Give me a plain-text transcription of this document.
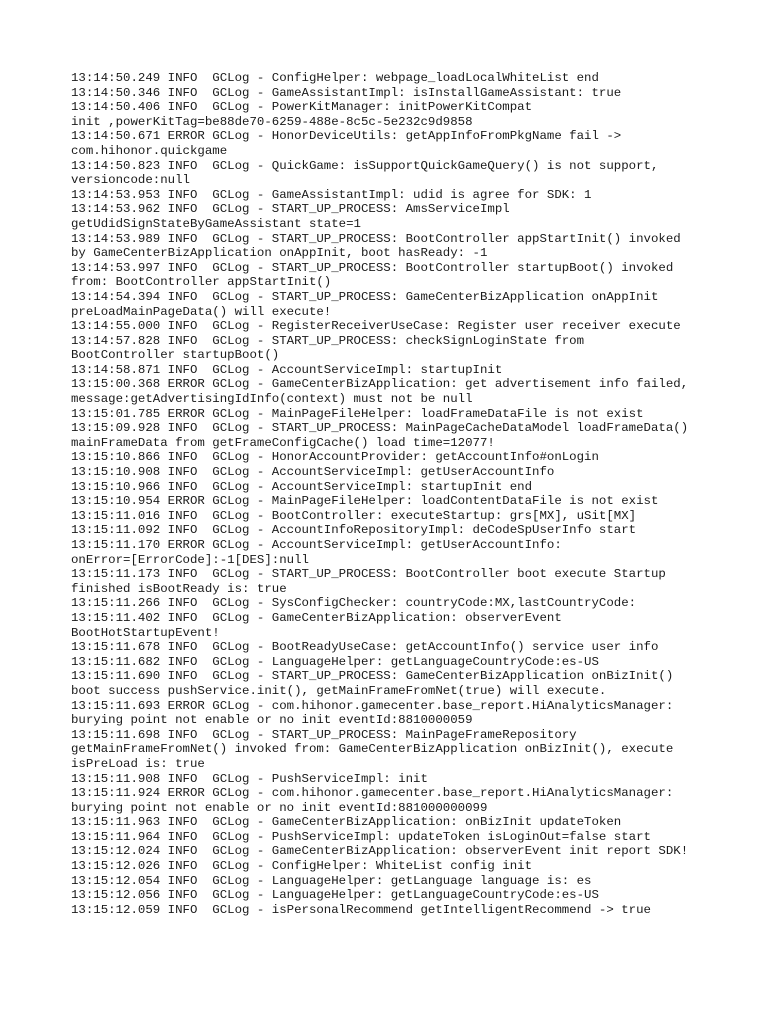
13:14:50.249 INFO  GCLog - ConfigHelper: webpage_loadLocalWhiteList end
13:14:50.346 INFO  GCLog - GameAssistantImpl: isInstallGameAssistant: true
13:14:50.406 INFO  GCLog - PowerKitManager: initPowerKitCompat
init ,powerKitTag=be88de70-6259-488e-8c5c-5e232c9d9858
13:14:50.671 ERROR GCLog - HonorDeviceUtils: getAppInfoFromPkgName fail ->
com.hihonor.quickgame
13:14:50.823 INFO  GCLog - QuickGame: isSupportQuickGameQuery() is not support,
versioncode:null
13:14:53.953 INFO  GCLog - GameAssistantImpl: udid is agree for SDK: 1
13:14:53.962 INFO  GCLog - START_UP_PROCESS: AmsServiceImpl
getUdidSignStateByGameAssistant state=1
13:14:53.989 INFO  GCLog - START_UP_PROCESS: BootController appStartInit() invoked
by GameCenterBizApplication onAppInit, boot hasReady: -1
13:14:53.997 INFO  GCLog - START_UP_PROCESS: BootController startupBoot() invoked
from: BootController appStartInit()
13:14:54.394 INFO  GCLog - START_UP_PROCESS: GameCenterBizApplication onAppInit
preLoadMainPageData() will execute!
13:14:55.000 INFO  GCLog - RegisterReceiverUseCase: Register user receiver execute
13:14:57.828 INFO  GCLog - START_UP_PROCESS: checkSignLoginState from
BootController startupBoot()
13:14:58.871 INFO  GCLog - AccountServiceImpl: startupInit
13:15:00.368 ERROR GCLog - GameCenterBizApplication: get advertisement info failed,
message:getAdvertisingIdInfo(context) must not be null
13:15:01.785 ERROR GCLog - MainPageFileHelper: loadFrameDataFile is not exist
13:15:09.928 INFO  GCLog - START_UP_PROCESS: MainPageCacheDataModel loadFrameData()
mainFrameData from getFrameConfigCache() load time=12077!
13:15:10.866 INFO  GCLog - HonorAccountProvider: getAccountInfo#onLogin
13:15:10.908 INFO  GCLog - AccountServiceImpl: getUserAccountInfo
13:15:10.966 INFO  GCLog - AccountServiceImpl: startupInit end
13:15:10.954 ERROR GCLog - MainPageFileHelper: loadContentDataFile is not exist
13:15:11.016 INFO  GCLog - BootController: executeStartup: grs[MX], uSit[MX]
13:15:11.092 INFO  GCLog - AccountInfoRepositoryImpl: deCodeSpUserInfo start
13:15:11.170 ERROR GCLog - AccountServiceImpl: getUserAccountInfo:
onError=[ErrorCode]:-1[DES]:null
13:15:11.173 INFO  GCLog - START_UP_PROCESS: BootController boot execute Startup
finished isBootReady is: true
13:15:11.266 INFO  GCLog - SysConfigChecker: countryCode:MX,lastCountryCode:
13:15:11.402 INFO  GCLog - GameCenterBizApplication: observerEvent
BootHotStartupEvent!
13:15:11.678 INFO  GCLog - BootReadyUseCase: getAccountInfo() service user info
13:15:11.682 INFO  GCLog - LanguageHelper: getLanguageCountryCode:es-US
13:15:11.690 INFO  GCLog - START_UP_PROCESS: GameCenterBizApplication onBizInit()
boot success pushService.init(), getMainFrameFromNet(true) will execute.
13:15:11.693 ERROR GCLog - com.hihonor.gamecenter.base_report.HiAnalyticsManager:
burying point not enable or no init eventId:8810000059
13:15:11.698 INFO  GCLog - START_UP_PROCESS: MainPageFrameRepository
getMainFrameFromNet() invoked from: GameCenterBizApplication onBizInit(), execute
isPreLoad is: true
13:15:11.908 INFO  GCLog - PushServiceImpl: init
13:15:11.924 ERROR GCLog - com.hihonor.gamecenter.base_report.HiAnalyticsManager:
burying point not enable or no init eventId:881000000099
13:15:11.963 INFO  GCLog - GameCenterBizApplication: onBizInit updateToken
13:15:11.964 INFO  GCLog - PushServiceImpl: updateToken isLoginOut=false start
13:15:12.024 INFO  GCLog - GameCenterBizApplication: observerEvent init report SDK!
13:15:12.026 INFO  GCLog - ConfigHelper: WhiteList config init
13:15:12.054 INFO  GCLog - LanguageHelper: getLanguage language is: es
13:15:12.056 INFO  GCLog - LanguageHelper: getLanguageCountryCode:es-US
13:15:12.059 INFO  GCLog - isPersonalRecommend getIntelligentRecommend -> true
